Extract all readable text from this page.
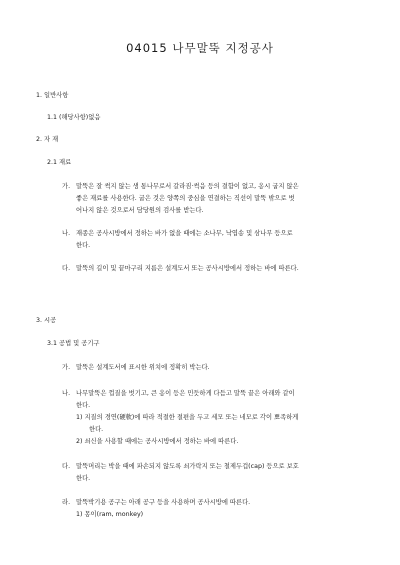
04015 나무말뚝 지정공사
1. 일반사항
1.1 (해당사항)없음
2. 자 재
2.1 재료
가. 말뚝은 잘 썩지 않는 생 통나무로서 갈라짐·썩음 등의 결함이 없고, 옹시 굽지 않은
좋은 재료를 사용한다. 굽은 것은 양쪽의 중심을 연결하는 직선이 말뚝 밖으로 벗
어나지 않은 것으로서 담당원의 검사를 받는다.
나. 재종은 공사시방에서 정하는 바가 없을 때에는 소나무, 낙엽송 및 삼나무 등으로
한다.
다. 말뚝의 길이 및 끝마구리 지름은 설계도서 또는 공사시방에서 정하는 바에 따른다.
3. 시공
3.1 공법 및 공기구
가. 말뚝은 설계도서에 표시한 위치에 정확히 박는다.
나. 나무말뚝은 껍질을 벗기고, 큰 옹이 등은 민듯하게 다듬고 말뚝 끝은 아래와 같이
한다.
1) 지질의 경연(硬軟)에 따라 적절한 절편을 두고 세모 또는 네모로 각이 뾰족하게
한다.
2) 쇠신을 사용할 때에는 공사시방에서 정하는 바에 따른다.
다. 말뚝머리는 박을 때에 파손되지 않도록 쇠가락지 또는 철제두겁(cap) 등으로 보호
한다.
라. 말뚝박기용 공구는 아래 공구 등을 사용하며 공사시방에 따른다.
1) 몽이(ram, monkey)
